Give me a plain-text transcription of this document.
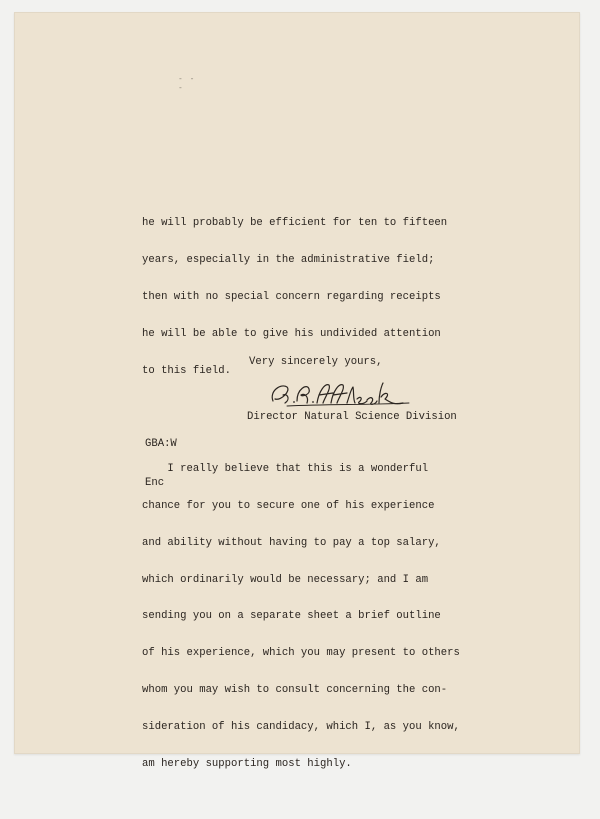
- - -

he will probably be efficient for ten to fifteen

years, especially in the administrative field;

then with no special concern regarding receipts

he will be able to give his undivided attention

to this field.

I really believe that this is a wonderful

chance for you to secure one of his experience

and ability without having to pay a top salary,

which ordinarily would be necessary; and I am

sending you on a separate sheet a brief outline

of his experience, which you may present to others

whom you may wish to consult concerning the con-

sideration of his candidacy, which I, as you know,

am hereby supporting most highly.

Very sincerely yours,
Director Natural Science Division

GBA:W

Enc
